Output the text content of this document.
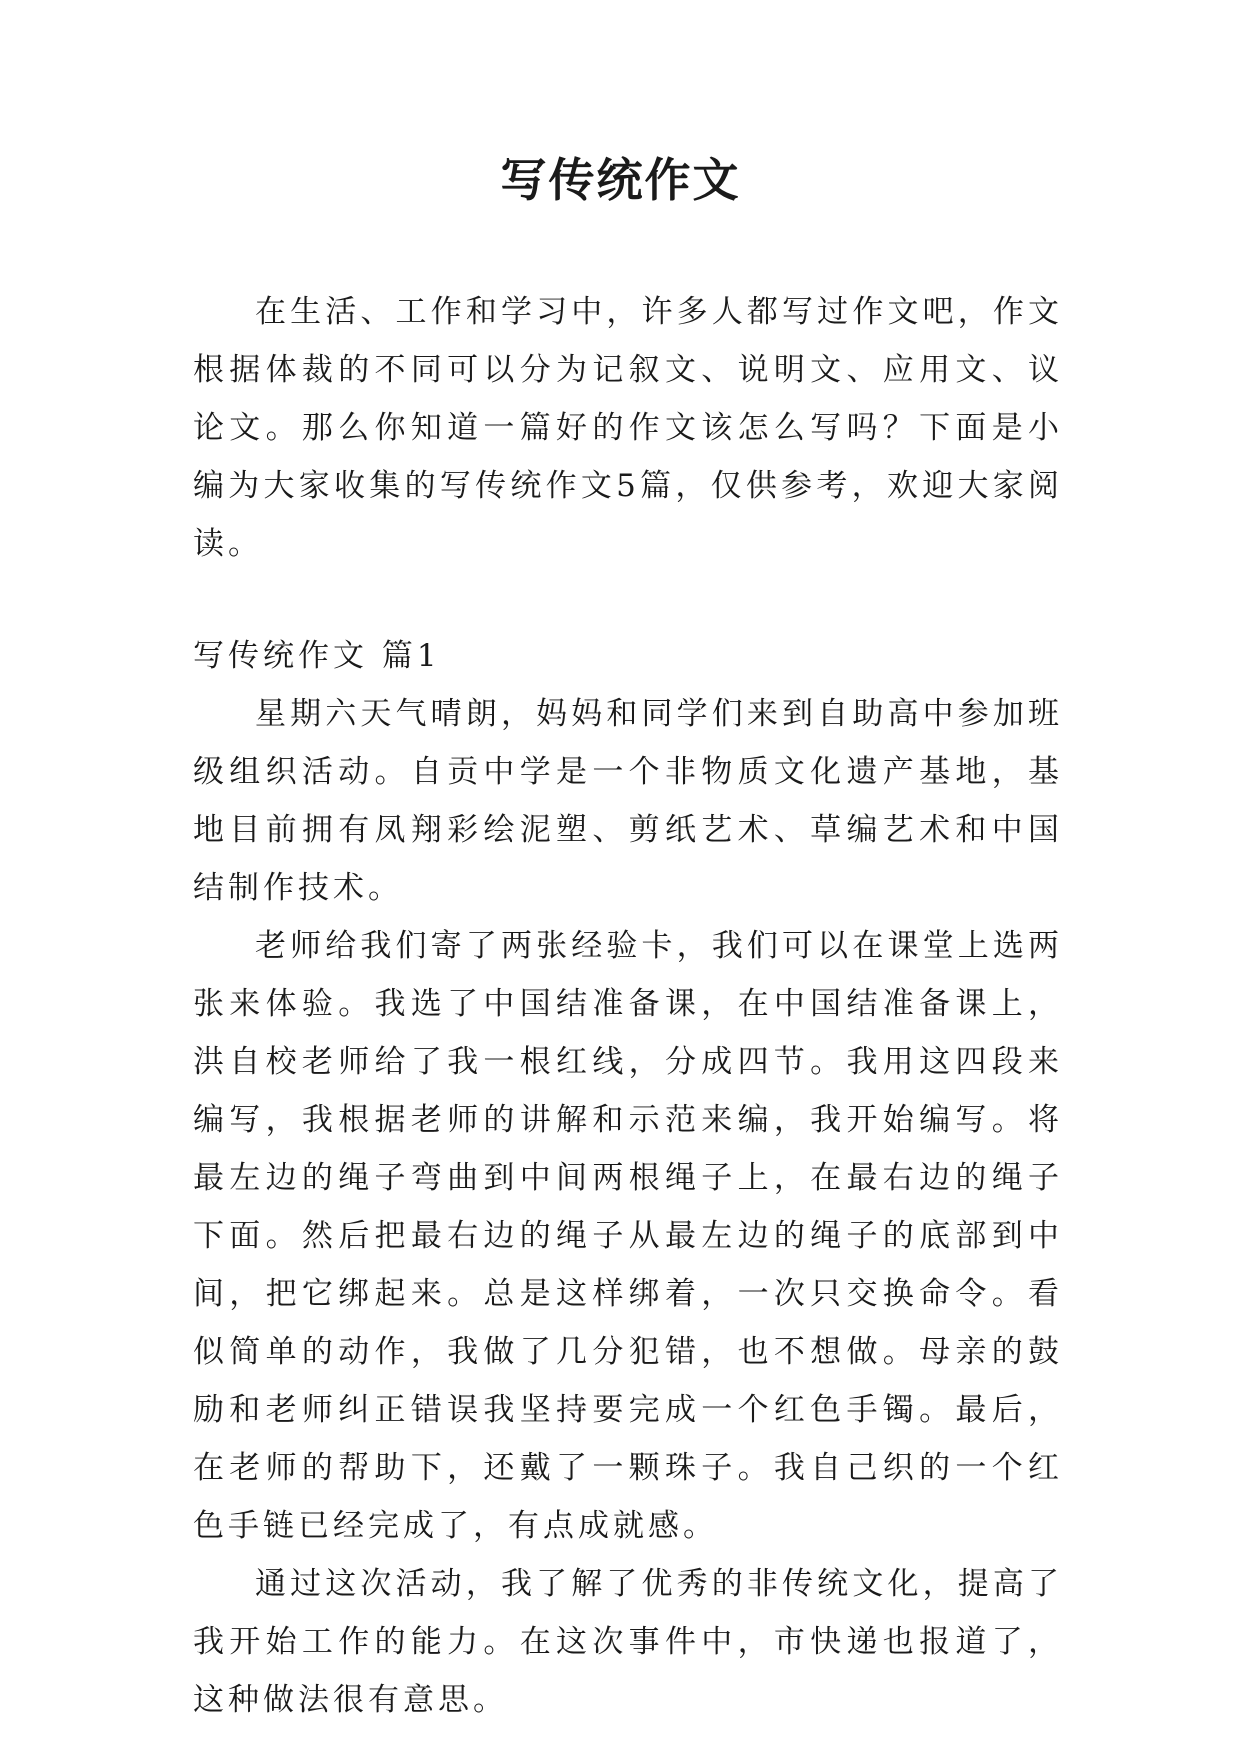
写传统作文

在生活、工作和学习中，许多人都写过作文吧，作文根据体裁的不同可以分为记叙文、说明文、应用文、议论文。那么你知道一篇好的作文该怎么写吗？下面是小编为大家收集的写传统作文5篇，仅供参考，欢迎大家阅读。

写传统作文 篇1

星期六天气晴朗，妈妈和同学们来到自助高中参加班级组织活动。自贡中学是一个非物质文化遗产基地，基地目前拥有凤翔彩绘泥塑、剪纸艺术、草编艺术和中国结制作技术。

老师给我们寄了两张经验卡，我们可以在课堂上选两张来体验。我选了中国结准备课，在中国结准备课上，洪自校老师给了我一根红线，分成四节。我用这四段来编写，我根据老师的讲解和示范来编，我开始编写。将最左边的绳子弯曲到中间两根绳子上，在最右边的绳子下面。然后把最右边的绳子从最左边的绳子的底部到中间，把它绑起来。总是这样绑着，一次只交换命令。看似简单的动作，我做了几分犯错，也不想做。母亲的鼓励和老师纠正错误我坚持要完成一个红色手镯。最后，在老师的帮助下，还戴了一颗珠子。我自己织的一个红色手链已经完成了，有点成就感。

通过这次活动，我了解了优秀的非传统文化，提高了我开始工作的能力。在这次事件中，市快递也报道了，这种做法很有意思。
